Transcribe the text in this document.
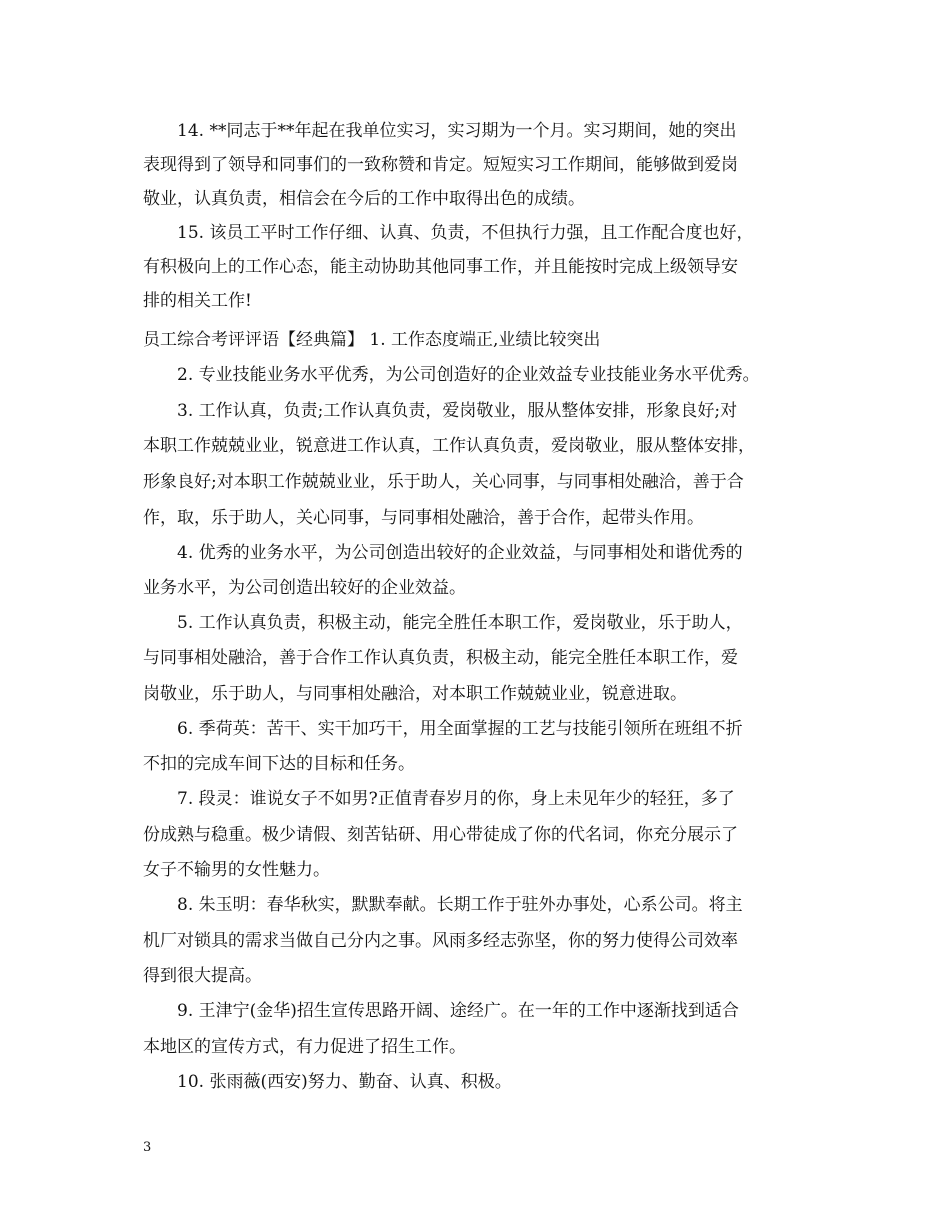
14. **同志于**年起在我单位实习，实习期为一个月。实习期间，她的突出
表现得到了领导和同事们的一致称赞和肯定。短短实习工作期间，能够做到爱岗
敬业，认真负责，相信会在今后的工作中取得出色的成绩。
15. 该员工平时工作仔细、认真、负责，不但执行力强，且工作配合度也好，
有积极向上的工作心态，能主动协助其他同事工作，并且能按时完成上级领导安
排的相关工作!
员工综合考评评语【经典篇】 1. 工作态度端正,业绩比较突出
2. 专业技能业务水平优秀，为公司创造好的企业效益专业技能业务水平优秀。
3. 工作认真，负责;工作认真负责，爱岗敬业，服从整体安排，形象良好;对
本职工作兢兢业业，锐意进工作认真，工作认真负责，爱岗敬业，服从整体安排，
形象良好;对本职工作兢兢业业，乐于助人，关心同事，与同事相处融洽，善于合
作，取，乐于助人，关心同事，与同事相处融洽，善于合作，起带头作用。
4. 优秀的业务水平，为公司创造出较好的企业效益，与同事相处和谐优秀的
业务水平，为公司创造出较好的企业效益。
5. 工作认真负责，积极主动，能完全胜任本职工作，爱岗敬业，乐于助人，
与同事相处融洽，善于合作工作认真负责，积极主动，能完全胜任本职工作，爱
岗敬业，乐于助人，与同事相处融洽，对本职工作兢兢业业，锐意进取。
6. 季荷英：苦干、实干加巧干，用全面掌握的工艺与技能引领所在班组不折
不扣的完成车间下达的目标和任务。
7. 段灵：谁说女子不如男?正值青春岁月的你，身上未见年少的轻狂，多了
份成熟与稳重。极少请假、刻苦钻研、用心带徒成了你的代名词，你充分展示了
女子不输男的女性魅力。
8. 朱玉明：春华秋实，默默奉献。长期工作于驻外办事处，心系公司。将主
机厂对锁具的需求当做自己分内之事。风雨多经志弥坚，你的努力使得公司效率
得到很大提高。
9. 王津宁(金华)招生宣传思路开阔、途经广。在一年的工作中逐渐找到适合
本地区的宣传方式，有力促进了招生工作。
10. 张雨薇(西安)努力、勤奋、认真、积极。
3
